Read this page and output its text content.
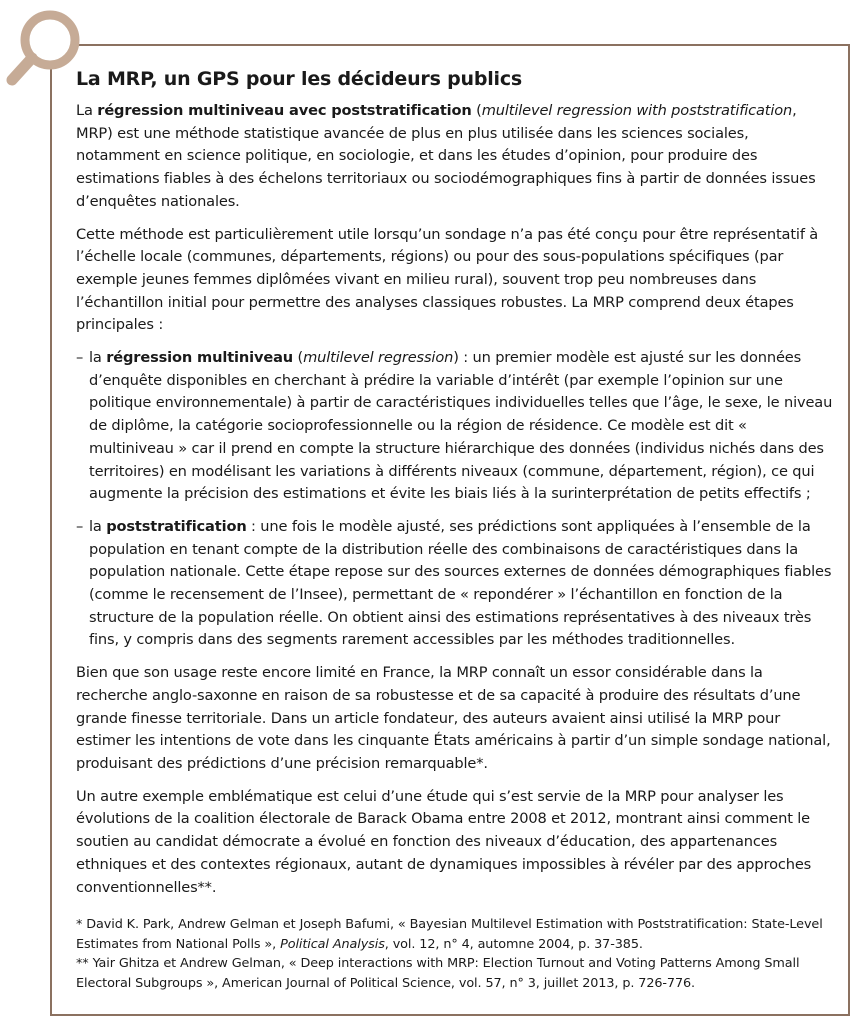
La MRP, un GPS pour les décideurs publics

La régression multiniveau avec poststratification (multilevel regression with poststratification, MRP) est une méthode statistique avancée de plus en plus utilisée dans les sciences sociales, notamment en science politique, en sociologie, et dans les études d’opinion, pour produire des estimations fiables à des échelons territoriaux ou sociodémographiques fins à partir de données issues d’enquêtes nationales.

Cette méthode est particulièrement utile lorsqu’un sondage n’a pas été conçu pour être représentatif à l’échelle locale (communes, départements, régions) ou pour des sous-populations spécifiques (par exemple jeunes femmes diplômées vivant en milieu rural), souvent trop peu nombreuses dans l’échantillon initial pour permettre des analyses classiques robustes. La MRP comprend deux étapes principales :

– la régression multiniveau (multilevel regression) : un premier modèle est ajusté sur les données d’enquête disponibles en cherchant à prédire la variable d’intérêt (par exemple l’opinion sur une politique environnementale) à partir de caractéristiques individuelles telles que l’âge, le sexe, le niveau de diplôme, la catégorie socioprofessionnelle ou la région de résidence. Ce modèle est dit « multiniveau » car il prend en compte la structure hiérarchique des données (individus nichés dans des territoires) en modélisant les variations à différents niveaux (commune, département, région), ce qui augmente la précision des estimations et évite les biais liés à la surinterprétation de petits effectifs ;

– la poststratification : une fois le modèle ajusté, ses prédictions sont appliquées à l’ensemble de la population en tenant compte de la distribution réelle des combinaisons de caractéristiques dans la population nationale. Cette étape repose sur des sources externes de données démographiques fiables (comme le recensement de l’Insee), permettant de « repondérer » l’échantillon en fonction de la structure de la population réelle. On obtient ainsi des estimations représentatives à des niveaux très fins, y compris dans des segments rarement accessibles par les méthodes traditionnelles.

Bien que son usage reste encore limité en France, la MRP connaît un essor considérable dans la recherche anglo-saxonne en raison de sa robustesse et de sa capacité à produire des résultats d’une grande finesse territoriale. Dans un article fondateur, des auteurs avaient ainsi utilisé la MRP pour estimer les intentions de vote dans les cinquante États américains à partir d’un simple sondage national, produisant des prédictions d’une précision remarquable*.

Un autre exemple emblématique est celui d’une étude qui s’est servie de la MRP pour analyser les évolutions de la coalition électorale de Barack Obama entre 2008 et 2012, montrant ainsi comment le soutien au candidat démocrate a évolué en fonction des niveaux d’éducation, des appartenances ethniques et des contextes régionaux, autant de dynamiques impossibles à révéler par des approches conventionnelles**.

* David K. Park, Andrew Gelman et Joseph Bafumi, « Bayesian Multilevel Estimation with Poststratification: State-Level Estimates from National Polls », Political Analysis, vol. 12, n° 4, automne 2004, p. 37-385.

** Yair Ghitza et Andrew Gelman, « Deep interactions with MRP: Election Turnout and Voting Patterns Among Small Electoral Subgroups », American Journal of Political Science, vol. 57, n° 3, juillet 2013, p. 726-776.
